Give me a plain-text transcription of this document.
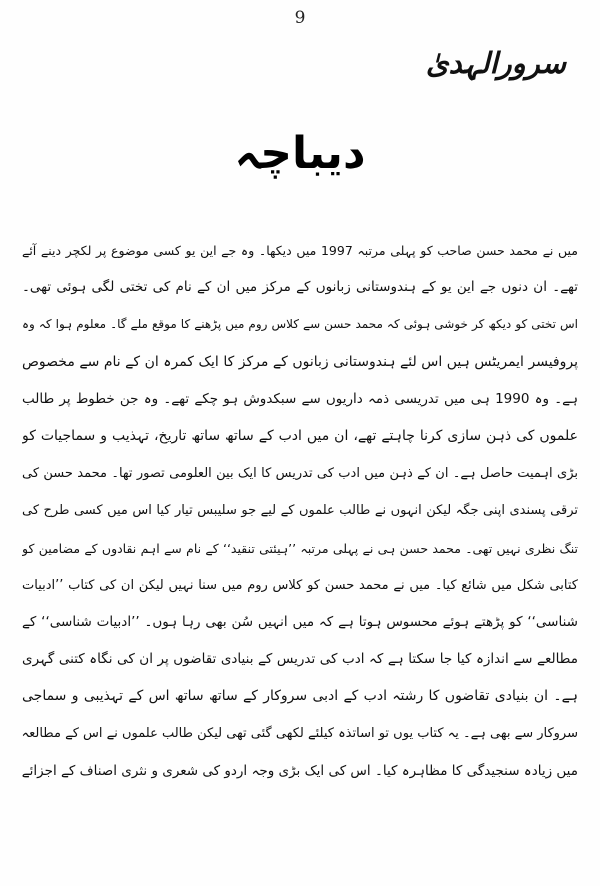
9
سرورالہدیٰ
دیباچہ
میں نے محمد حسن صاحب کو پہلی مرتبہ 1997 میں دیکھا۔ وہ جے این یو کسی موضوع پر لکچر دینے آئے
تھے۔ ان دنوں جے این یو کے ہندوستانی زبانوں کے مرکز میں ان کے نام کی تختی لگی ہوئی تھی۔
اس تختی کو دیکھ کر خوشی ہوئی کہ محمد حسن سے کلاس روم میں پڑھنے کا موقع ملے گا۔ معلوم ہوا کہ وہ
پروفیسر ایمریٹس ہیں اس لئے ہندوستانی زبانوں کے مرکز کا ایک کمرہ ان کے نام سے مخصوص
ہے۔ وہ 1990 ہی میں تدریسی ذمہ داریوں سے سبکدوش ہو چکے تھے۔ وہ جن خطوط پر طالب
علموں کی ذہن سازی کرنا چاہتے تھے، ان میں ادب کے ساتھ ساتھ تاریخ، تہذیب و سماجیات کو
بڑی اہمیت حاصل ہے۔ ان کے ذہن میں ادب کی تدریس کا ایک بین العلومی تصور تھا۔ محمد حسن کی
ترقی پسندی اپنی جگہ لیکن انہوں نے طالب علموں کے لیے جو سلیبس تیار کیا اس میں کسی طرح کی
تنگ نظری نہیں تھی۔ محمد حسن ہی نے پہلی مرتبہ ’’ہیئتی تنقید‘‘ کے نام سے اہم نقادوں کے مضامین کو
کتابی شکل میں شائع کیا۔ میں نے محمد حسن کو کلاس روم میں سنا نہیں لیکن ان کی کتاب ’’ادبیات
شناسی‘‘ کو پڑھتے ہوئے محسوس ہوتا ہے کہ میں انہیں سُن بھی رہا ہوں۔ ’’ادبیات شناسی‘‘ کے
مطالعے سے اندازہ کیا جا سکتا ہے کہ ادب کی تدریس کے بنیادی تقاضوں پر ان کی نگاہ کتنی گہری
ہے۔ ان بنیادی تقاضوں کا رشتہ ادب کے ادبی سروکار کے ساتھ ساتھ اس کے تہذیبی و سماجی
سروکار سے بھی ہے۔ یہ کتاب یوں تو اساتذہ کیلئے لکھی گئی تھی لیکن طالب علموں نے اس کے مطالعہ
میں زیادہ سنجیدگی کا مظاہرہ کیا۔ اس کی ایک بڑی وجہ اردو کی شعری و نثری اصناف کے اجزائے
